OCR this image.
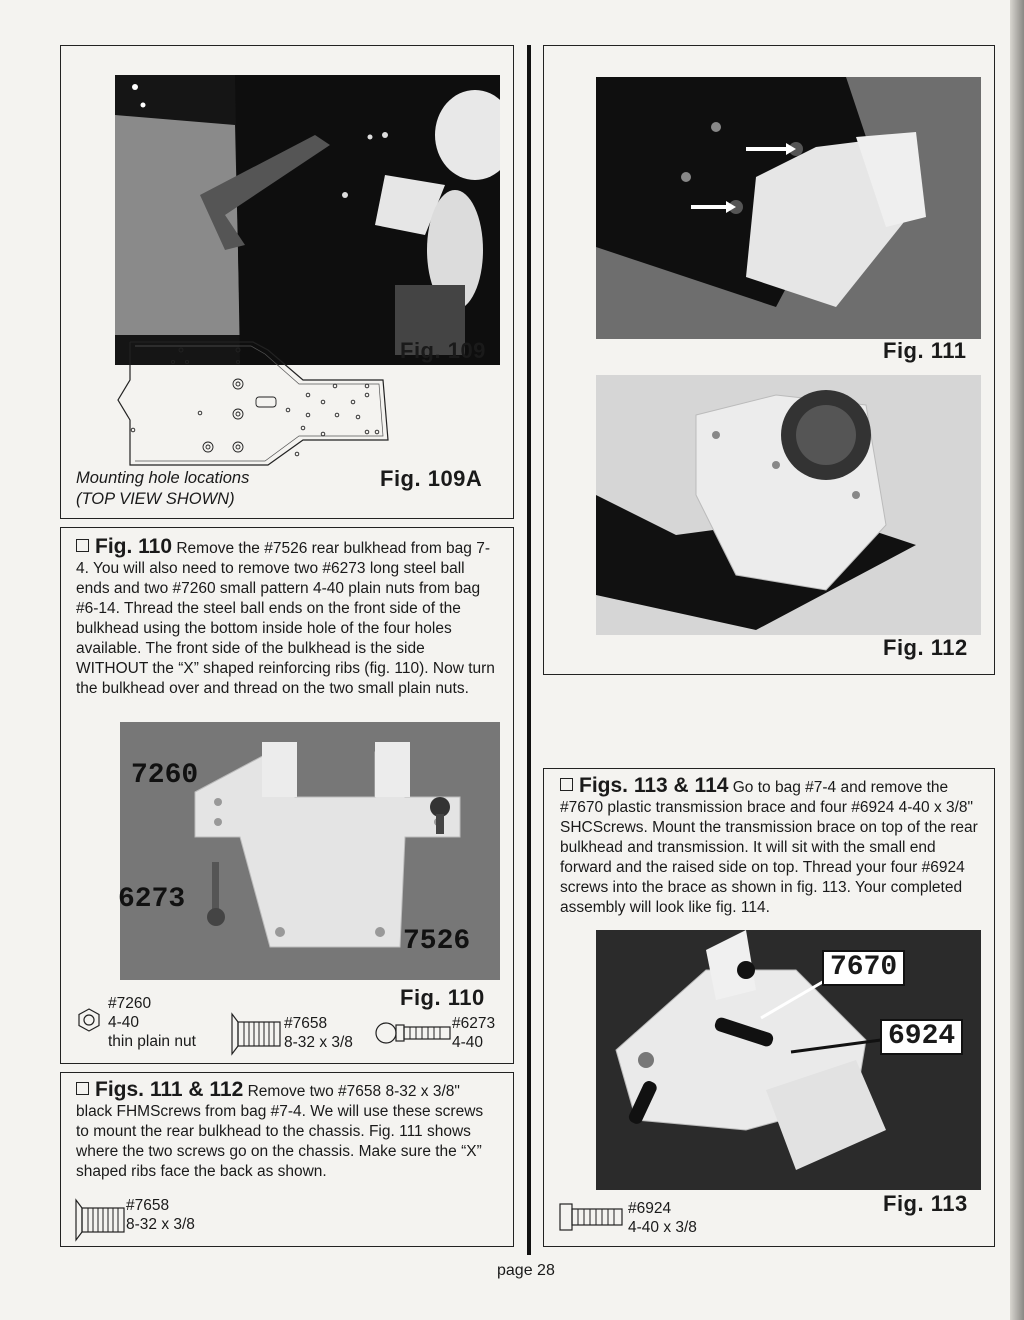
Fig. 109
Fig. 109A
Mounting hole locations
(TOP VIEW SHOWN)
Fig. 110 Remove the #7526 rear bulkhead from bag 7-4. You will also need to remove two #6273 long steel ball ends and two #7260 small pattern 4-40 plain nuts from bag #6-14. Thread the steel ball ends on the front side of the bulkhead using the bottom inside hole of the four holes available. The front side of the bulkhead is the side WITHOUT the “X” shaped reinforcing ribs (fig. 110). Now turn the bulkhead over and thread on the two small plain nuts.
7260
6273
7526
Fig. 110
#7260
4-40
thin plain nut
#7658
8-32 x 3/8
#6273
4-40
Figs. 111 & 112 Remove two #7658 8-32 x 3/8" black FHMScrews from bag #7-4. We will use these screws to mount the rear bulkhead to the chassis. Fig. 111 shows where the two screws go on the chassis. Make sure the “X” shaped ribs face the back as shown.
#7658
8-32 x 3/8
Fig. 111
Fig. 112
Figs. 113 & 114 Go to bag #7-4 and remove the #7670 plastic transmission brace and four #6924 4-40 x 3/8" SHCScrews. Mount the transmission brace on top of the rear bulkhead and transmission. It will sit with the small end forward and the raised side on top. Thread your four #6924 screws into the brace as shown in fig. 113. Your completed assembly will look like fig. 114.
7670
6924
#6924
4-40 x 3/8
Fig. 113
page 28
